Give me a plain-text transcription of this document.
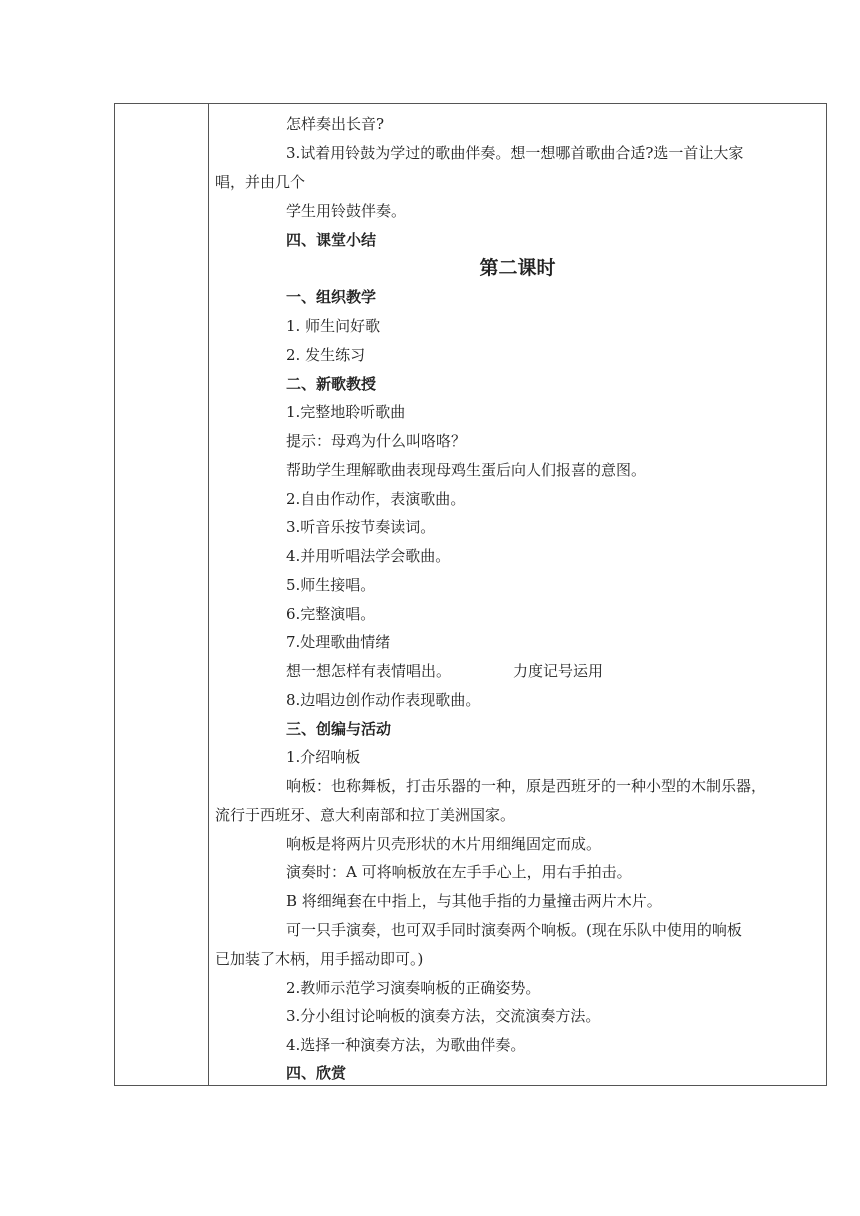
怎样奏出长音?
3.试着用铃鼓为学过的歌曲伴奏。想一想哪首歌曲合适?选一首让大家
唱，并由几个
学生用铃鼓伴奏。
四、课堂小结
第二课时
一、组织教学
1. 师生问好歌
2. 发生练习
二、新歌教授
1.完整地聆听歌曲
提示：母鸡为什么叫咯咯？
帮助学生理解歌曲表现母鸡生蛋后向人们报喜的意图。
2.自由作动作，表演歌曲。
3.听音乐按节奏读词。
4.并用听唱法学会歌曲。
5.师生接唱。
6.完整演唱。
7.处理歌曲情绪
想一想怎样有表情唱出。	力度记号运用
8.边唱边创作动作表现歌曲。
三、创编与活动
1.介绍响板
响板：也称舞板，打击乐器的一种，原是西班牙的一种小型的木制乐器，
流行于西班牙、意大利南部和拉丁美洲国家。
响板是将两片贝壳形状的木片用细绳固定而成。
演奏时：A 可将响板放在左手手心上，用右手拍击。
B 将细绳套在中指上，与其他手指的力量撞击两片木片。
可一只手演奏，也可双手同时演奏两个响板。(现在乐队中使用的响板
已加装了木柄，用手摇动即可。)
2.教师示范学习演奏响板的正确姿势。
3.分小组讨论响板的演奏方法，交流演奏方法。
4.选择一种演奏方法，为歌曲伴奏。
四、欣赏
